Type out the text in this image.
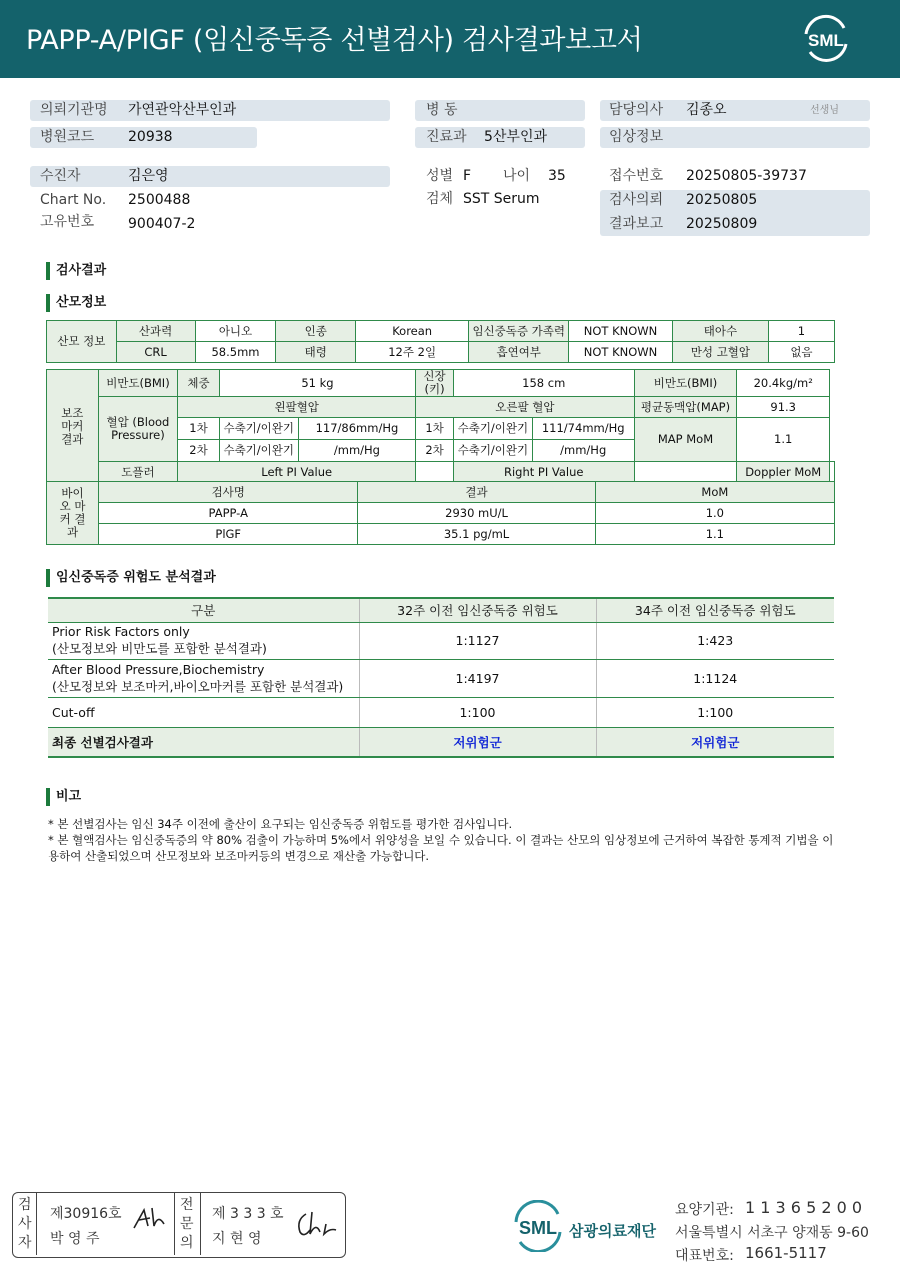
PAPP-A/PlGF (임신중독증 선별검사) 검사결과보고서	SML
의뢰기관명 가연관악산부인과
병원코드 20938
병 동
진료과 5산부인과
담당의사 김종오	선생님
임상정보
수진자	김은영
Chart No. 2500488
고유번호 900407-2
성별 F 나이 35
검체 SST Serum
접수번호 20250805-39737
검사의뢰 20250805
결과보고 20250809
검사결과
산모정보
산모 정보	산과력	아니오	인종	Korean	임신중독증 가족력	NOT KNOWN	태아수	1
	CRL	58.5mm	태령	12주 2일	흡연여부	NOT KNOWN	만성 고혈압	없음
보조 마커 결과	비만도(BMI)	체중	51 kg		신장(키)	158 cm		비만도(BMI)	20.4kg/m²	
	혈압 (Blood Pressure)	왼팔혈압			오른팔 혈압			평균동맥압(MAP)	91.3	
		1차	수축기/이완기	117/86mm/Hg	1차	수축기/이완기	111/74mm/Hg	MAP MoM	1.1	
		2차	수축기/이완기	/mm/Hg	2차	수축기/이완기	/mm/Hg			
	도플러	Left PI Value				Right PI Value			Doppler MoM	
바이오 마커 결과	검사명	결과	MoM
	PAPP-A	2930 mU/L	1.0
	PlGF	35.1 pg/mL	1.1
임신중독증 위험도 분석결과
구분	32주 이전 임신중독증 위험도	34주 이전 임신중독증 위험도

Prior Risk Factors only
(산모정보와 비만도를 포함한 분석결과)	1:1127	1:423

After Blood Pressure,Biochemistry
(산모정보와 보조마커,바이오마커를 포함한 분석결과)	1:4197	1:1124
Cut-off	1:100	1:100
최종 선별검사결과	저위험군	저위험군
비고
* 본 선별검사는 임신 34주 이전에 출산이 요구되는 임신중독증 위험도를 평가한 검사입니다.
* 본 혈액검사는 임신중독증의 약 80% 검출이 가능하며 5%에서 위양성을 보일 수 있습니다. 이 결과는 산모의 임상정보에 근거하여 복잡한 통계적 기법을 이용하여 산출되었으며 산모정보와 보조마커등의 변경으로 재산출 가능합니다.
검 사 자
제30916호
박 영 주
전 문 의
제 3 3 3 호
지 현 영
SML 삼광의료재단
요양기관: 1 1 3 6 5 2 0 0
서울특별시 서초구 양재동 9-60
대표번호: 1661-5117
